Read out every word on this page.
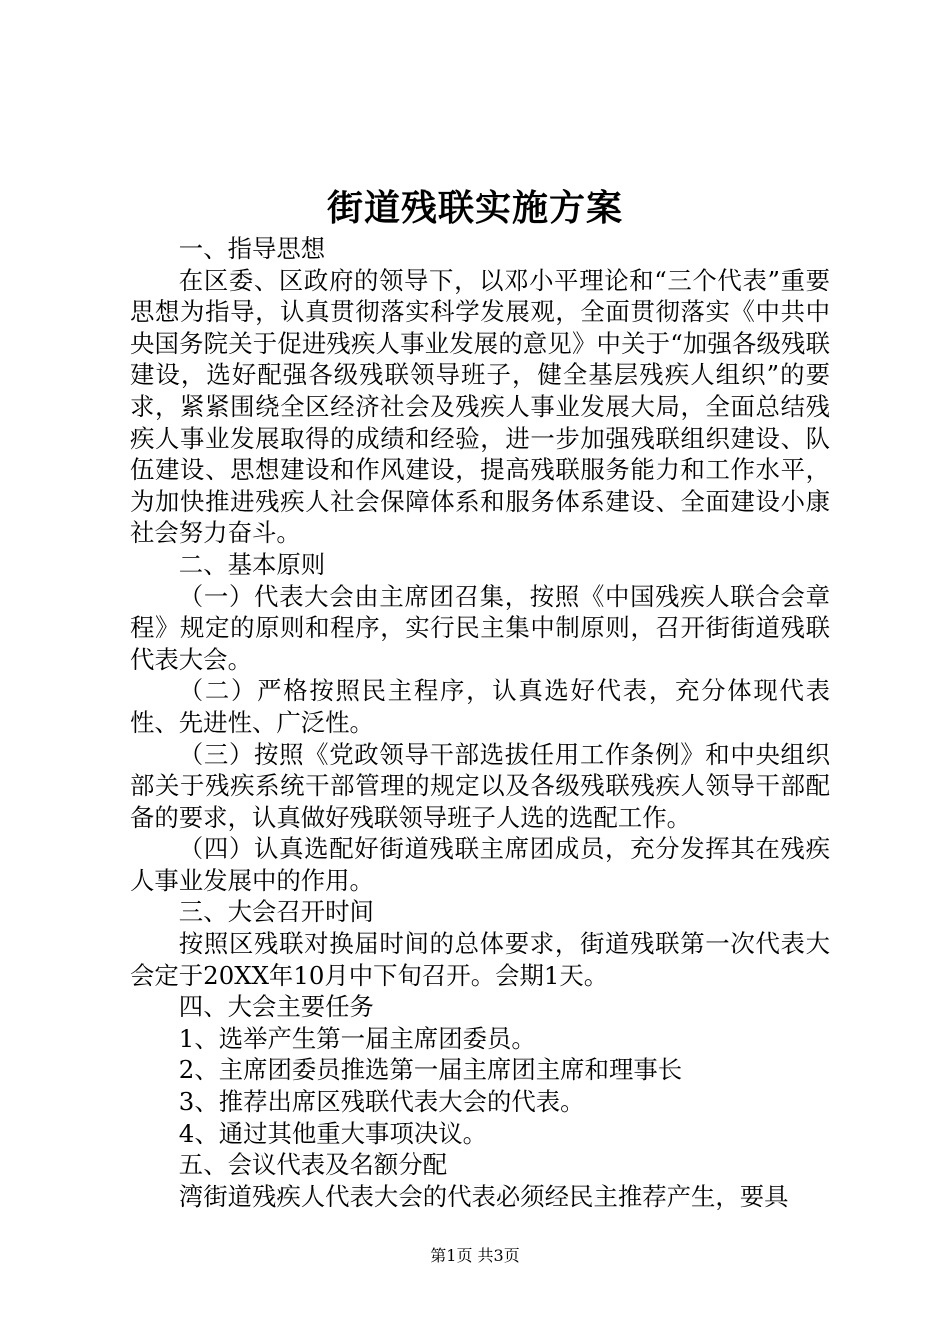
街道残联实施方案

一、指导思想

在区委、区政府的领导下，以邓小平理论和“三个代表”重要思想为指导，认真贯彻落实科学发展观，全面贯彻落实《中共中央国务院关于促进残疾人事业发展的意见》中关于“加强各级残联建设，选好配强各级残联领导班子，健全基层残疾人组织”的要求，紧紧围绕全区经济社会及残疾人事业发展大局，全面总结残疾人事业发展取得的成绩和经验，进一步加强残联组织建设、队伍建设、思想建设和作风建设，提高残联服务能力和工作水平，为加快推进残疾人社会保障体系和服务体系建设、全面建设小康社会努力奋斗。

二、基本原则

（一）代表大会由主席团召集，按照《中国残疾人联合会章程》规定的原则和程序，实行民主集中制原则，召开街街道残联代表大会。

（二）严格按照民主程序，认真选好代表，充分体现代表性、先进性、广泛性。

（三）按照《党政领导干部选拔任用工作条例》和中央组织部关于残疾系统干部管理的规定以及各级残联残疾人领导干部配备的要求，认真做好残联领导班子人选的选配工作。

（四）认真选配好街道残联主席团成员，充分发挥其在残疾人事业发展中的作用。

三、大会召开时间

按照区残联对换届时间的总体要求，街道残联第一次代表大会定于20XX年10月中下旬召开。会期1天。

四、大会主要任务

1、选举产生第一届主席团委员。

2、主席团委员推选第一届主席团主席和理事长

3、推荐出席区残联代表大会的代表。

4、通过其他重大事项决议。

五、会议代表及名额分配

湾街道残疾人代表大会的代表必须经民主推荐产生，要具

第1页 共3页
